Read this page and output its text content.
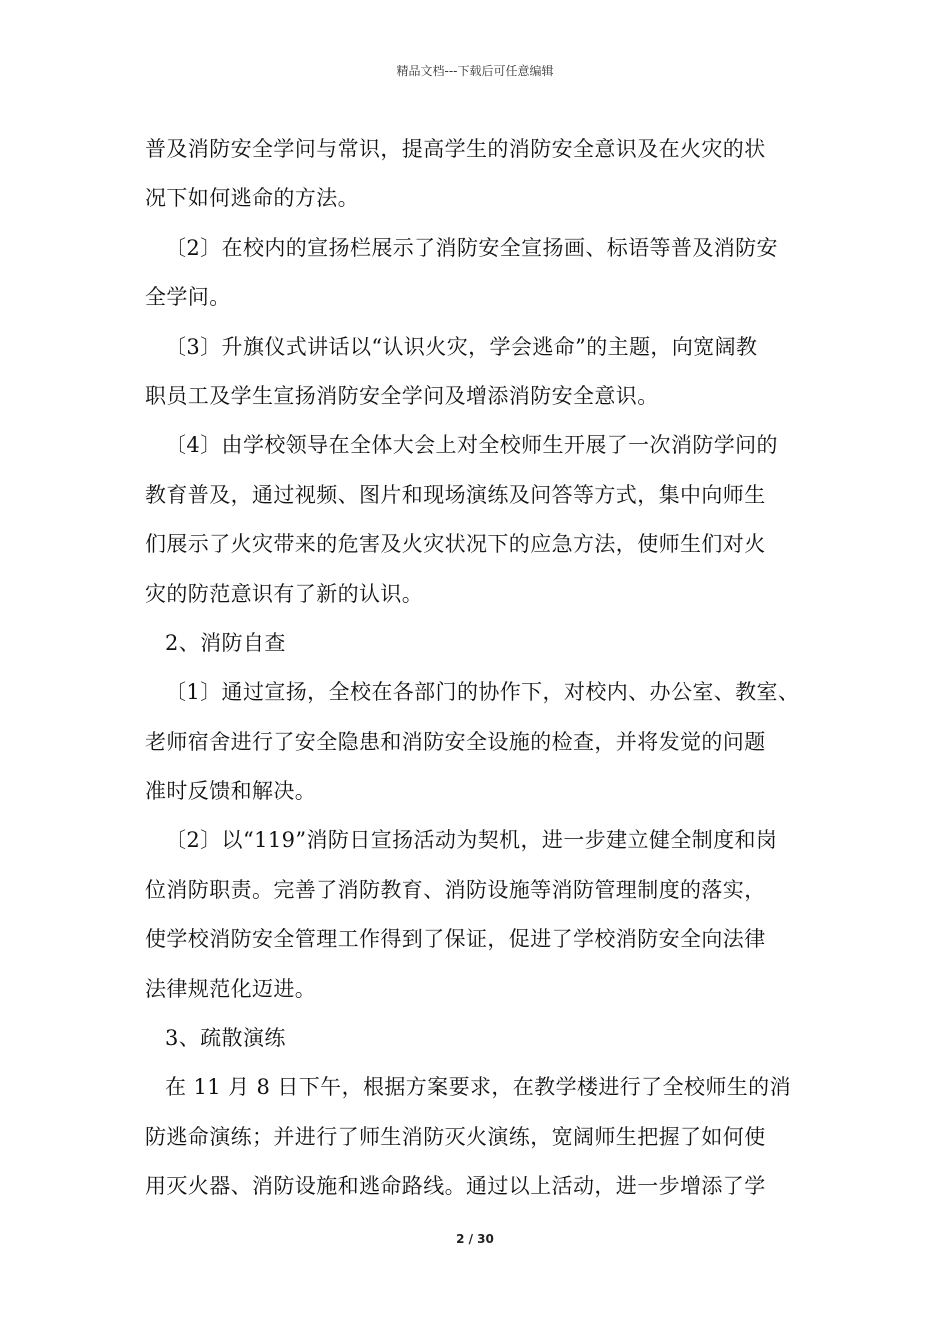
精品文档---下载后可任意编辑
普及消防安全学问与常识，提高学生的消防安全意识及在火灾的状
况下如何逃命的方法。
〔2〕在校内的宣扬栏展示了消防安全宣扬画、标语等普及消防安
全学问。
〔3〕升旗仪式讲话以“认识火灾，学会逃命”的主题，向宽阔教
职员工及学生宣扬消防安全学问及增添消防安全意识。
〔4〕由学校领导在全体大会上对全校师生开展了一次消防学问的
教育普及，通过视频、图片和现场演练及问答等方式，集中向师生
们展示了火灾带来的危害及火灾状况下的应急方法，使师生们对火
灾的防范意识有了新的认识。
2、消防自查
〔1〕通过宣扬，全校在各部门的协作下，对校内、办公室、教室、
老师宿舍进行了安全隐患和消防安全设施的检查，并将发觉的问题
准时反馈和解决。
〔2〕以“119”消防日宣扬活动为契机，进一步建立健全制度和岗
位消防职责。完善了消防教育、消防设施等消防管理制度的落实，
使学校消防安全管理工作得到了保证，促进了学校消防安全向法律
法律规范化迈进。
3、疏散演练
在 11 月 8 日下午，根据方案要求，在教学楼进行了全校师生的消
防逃命演练；并进行了师生消防灭火演练，宽阔师生把握了如何使
用灭火器、消防设施和逃命路线。通过以上活动，进一步增添了学
2 / 30
